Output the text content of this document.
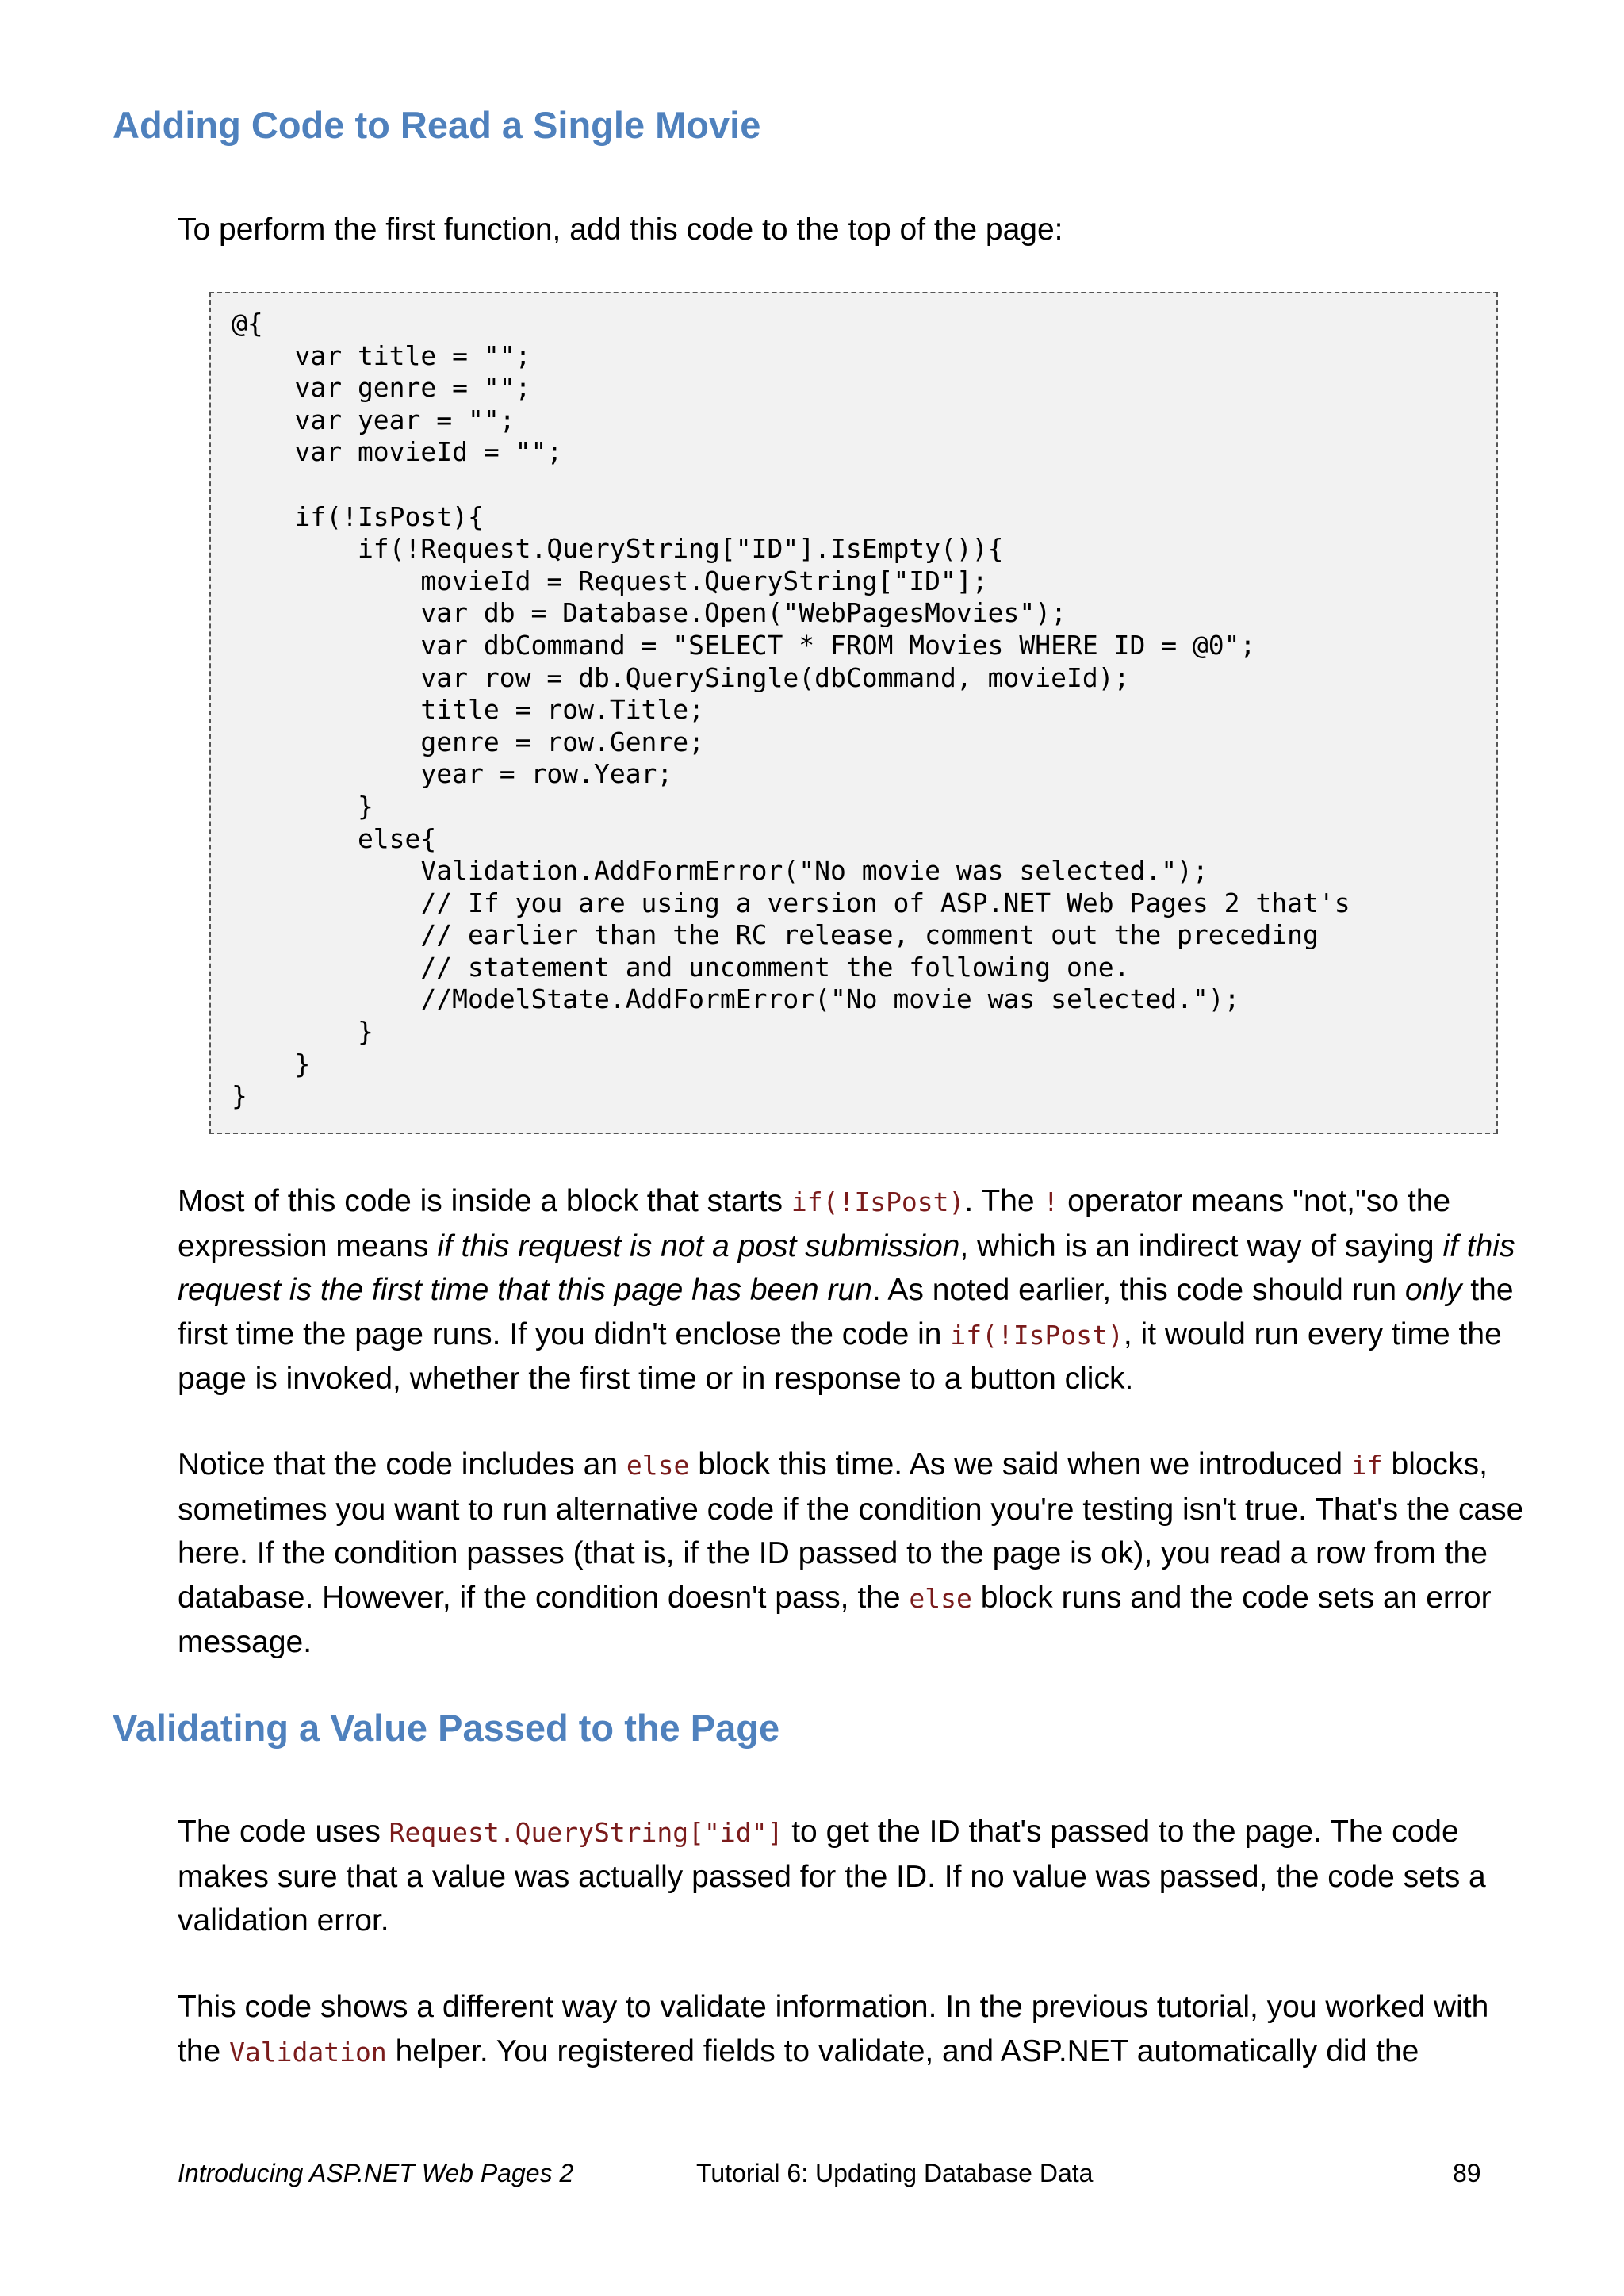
Adding Code to Read a Single Movie

To perform the first function, add this code to the top of the page:

@{
var title = "";
var genre = "";
var year = "";
var movieId = "";

if(!IsPost){
if(!Request.QueryString["ID"].IsEmpty()){
movieId = Request.QueryString["ID"];
var db = Database.Open("WebPagesMovies");
var dbCommand = "SELECT * FROM Movies WHERE ID = @0";
var row = db.QuerySingle(dbCommand, movieId);
title = row.Title;
genre = row.Genre;
year = row.Year;
}
else{
Validation.AddFormError("No movie was selected.");
// If you are using a version of ASP.NET Web Pages 2 that's
// earlier than the RC release, comment out the preceding
// statement and uncomment the following one.
//ModelState.AddFormError("No movie was selected.");
}
}
}

Most of this code is inside a block that starts if(!IsPost). The ! operator means "not,"so the expression means if this request is not a post submission, which is an indirect way of saying if this request is the first time that this page has been run. As noted earlier, this code should run only the first time the page runs. If you didn't enclose the code in if(!IsPost), it would run every time the page is invoked, whether the first time or in response to a button click.

Notice that the code includes an else block this time. As we said when we introduced if blocks, sometimes you want to run alternative code if the condition you're testing isn't true. That's the case here. If the condition passes (that is, if the ID passed to the page is ok), you read a row from the database. However, if the condition doesn't pass, the else block runs and the code sets an error message.

Validating a Value Passed to the Page

The code uses Request.QueryString["id"] to get the ID that's passed to the page. The code makes sure that a value was actually passed for the ID. If no value was passed, the code sets a validation error.

This code shows a different way to validate information. In the previous tutorial, you worked with the Validation helper. You registered fields to validate, and ASP.NET automatically did the

Introducing ASP.NET Web Pages 2	Tutorial 6: Updating Database Data	89
